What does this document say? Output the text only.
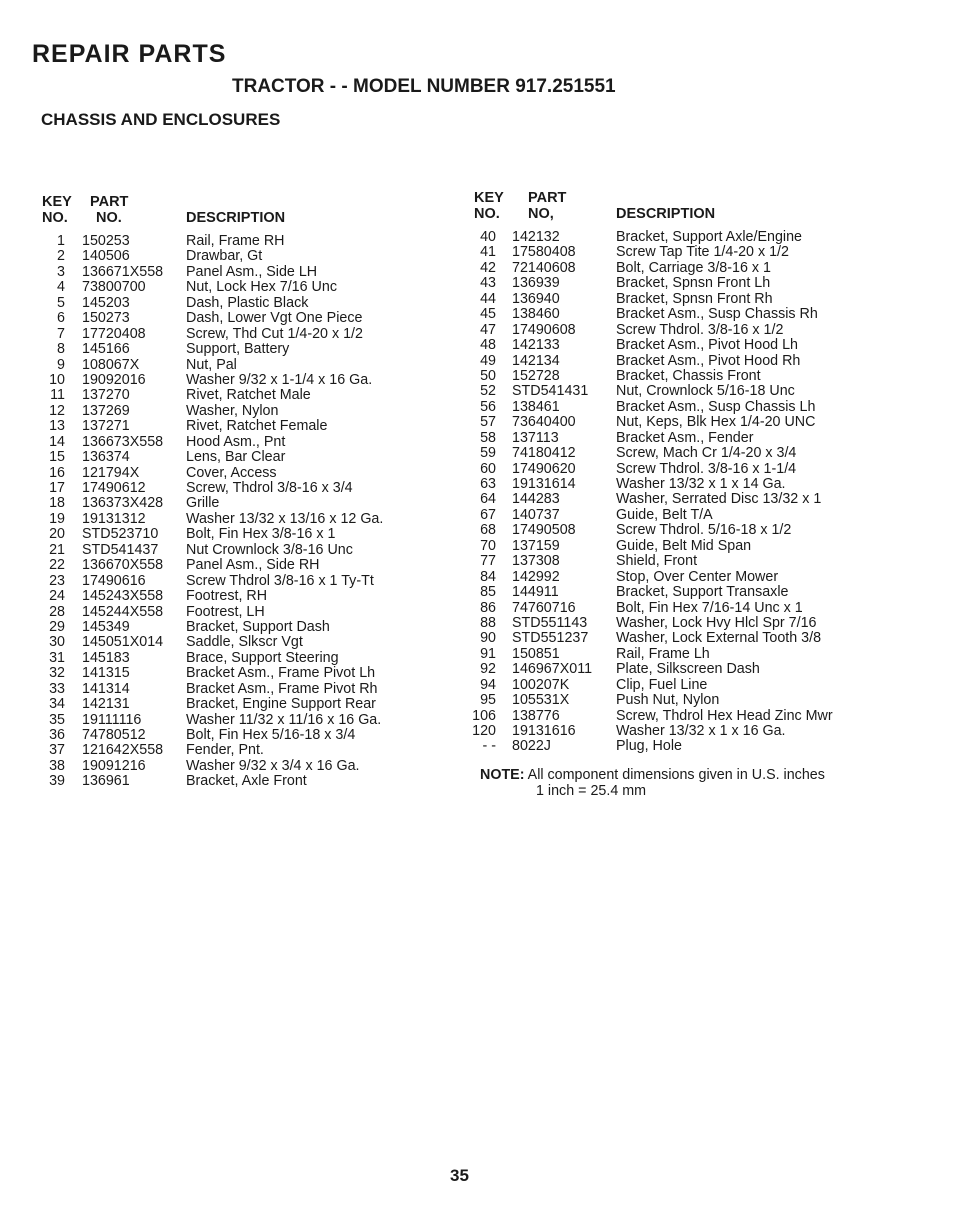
REPAIR PARTS
TRACTOR - - MODEL NUMBER 917.251551
CHASSIS AND ENCLOSURES
KEY
NO.
PART
NO.	DESCRIPTION
1 150253	Rail, Frame RH
2 140506	Drawbar, Gt
3 136671X558 Panel Asm., Side LH
4 73800700	Nut, Lock Hex 7/16 Unc
5 145203	Dash, Plastic Black
6 150273	Dash, Lower Vgt One Piece
7 17720408	Screw, Thd Cut 1/4-20 x 1/2
8 145166	Support, Battery
9 108067X	Nut, Pal
10 19092016	Washer 9/32 x 1-1/4 x 16 Ga.
11 137270	Rivet, Ratchet Male
12 137269	Washer, Nylon
13 137271	Rivet, Ratchet Female
14 136673X558 Hood Asm., Pnt
15 136374	Lens, Bar Clear
16 121794X	Cover, Access
17 17490612	Screw, Thdrol 3/8-16 x 3/4
18 136373X428 Grille
19 19131312	Washer 13/32 x 13/16 x 12 Ga.
20 STD523710 Bolt, Fin Hex 3/8-16 x 1
21 STD541437 Nut Crownlock 3/8-16 Unc
22 136670X558 Panel Asm., Side RH
23 17490616	Screw Thdrol 3/8-16 x 1 Ty-Tt
24 145243X558 Footrest, RH
28 145244X558 Footrest, LH
29 145349	Bracket, Support Dash
30 145051X014 Saddle, Slkscr Vgt
31 145183	Brace, Support Steering
32 141315	Bracket Asm., Frame Pivot Lh
33 141314	Bracket Asm., Frame Pivot Rh
34 142131	Bracket, Engine Support Rear
35 19111116	Washer 11/32 x 11/16 x 16 Ga.
36 74780512	Bolt, Fin Hex 5/16-18 x 3/4
37 121642X558 Fender, Pnt.
38 19091216	Washer 9/32 x 3/4 x 16 Ga.
39 136961	Bracket, Axle Front
KEY
NO.
PART
NO,	DESCRIPTION
40 142132	Bracket, Support Axle/Engine
41 17580408	Screw Tap Tite 1/4-20 x 1/2
42 72140608	Bolt, Carriage 3/8-16 x 1
43 136939	Bracket, Spnsn Front Lh
44 136940	Bracket, Spnsn Front Rh
45 138460	Bracket Asm., Susp Chassis Rh
47 17490608	Screw Thdrol. 3/8-16 x 1/2
48 142133	Bracket Asm., Pivot Hood Lh
49 142134	Bracket Asm., Pivot Hood Rh
50 152728	Bracket, Chassis Front
52 STD541431 Nut, Crownlock 5/16-18 Unc
56 138461	Bracket Asm., Susp Chassis Lh
57 73640400	Nut, Keps, Blk Hex 1/4-20 UNC
58 137113	Bracket Asm., Fender
59 74180412	Screw, Mach Cr 1/4-20 x 3/4
60 17490620	Screw Thdrol. 3/8-16 x 1-1/4
63 19131614	Washer 13/32 x 1 x 14 Ga.
64 144283	Washer, Serrated Disc 13/32 x 1
67 140737	Guide, Belt T/A
68 17490508	Screw Thdrol. 5/16-18 x 1/2
70 137159	Guide, Belt Mid Span
77 137308	Shield, Front
84 142992	Stop, Over Center Mower
85 144911	Bracket, Support Transaxle
86 74760716	Bolt, Fin Hex 7/16-14 Unc x 1
88 STD551143 Washer, Lock Hvy Hlcl Spr 7/16
90 STD551237 Washer, Lock External Tooth 3/8
91 150851	Rail, Frame Lh
92 146967X011 Plate, Silkscreen Dash
94 100207K	Clip, Fuel Line
95 105531X	Push Nut, Nylon
106 138776	Screw, Thdrol Hex Head Zinc Mwr
120 19131616	Washer 13/32 x 1 x 16 Ga.
- - 8022J	Plug, Hole
NOTE: All component dimensions given in U.S. inches
1 inch = 25.4 mm
35
